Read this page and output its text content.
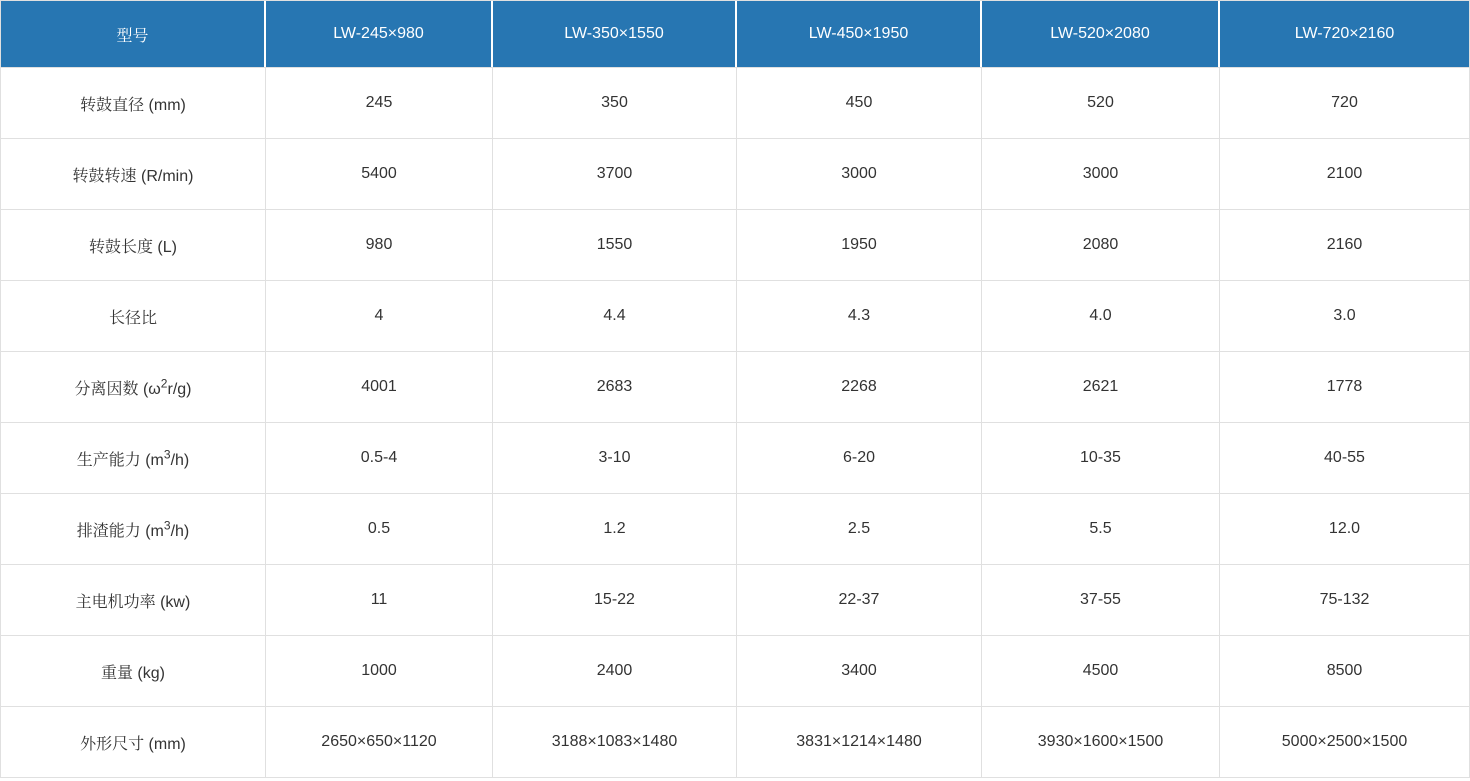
型号	LW-245×980	LW-350×1550	LW-450×1950	LW-520×2080	LW-720×2160
转鼓直径 (mm)	245	350	450	520	720
转鼓转速 (R/min)	5400	3700	3000	3000	2100
转鼓长度 (L)	980	1550	1950	2080	2160
长径比	4	4.4	4.3	4.0	3.0
分离因数 $(\omega^2r/g)$	4001	2683	2268	2621	1778
生产能力 $(m^3/h)$	0.5-4	3-10	6-20	10-35	40-55
排渣能力 $(m^3/h)$	0.5	1.2	2.5	5.5	12.0
主电机功率 (kw)	11	15-22	22-37	37-55	75-132
重量 (kg)	1000	2400	3400	4500	8500
外形尺寸 (mm)	2650×650×1120	3188×1083×1480	3831×1214×1480	3930×1600×1500	5000×2500×1500
